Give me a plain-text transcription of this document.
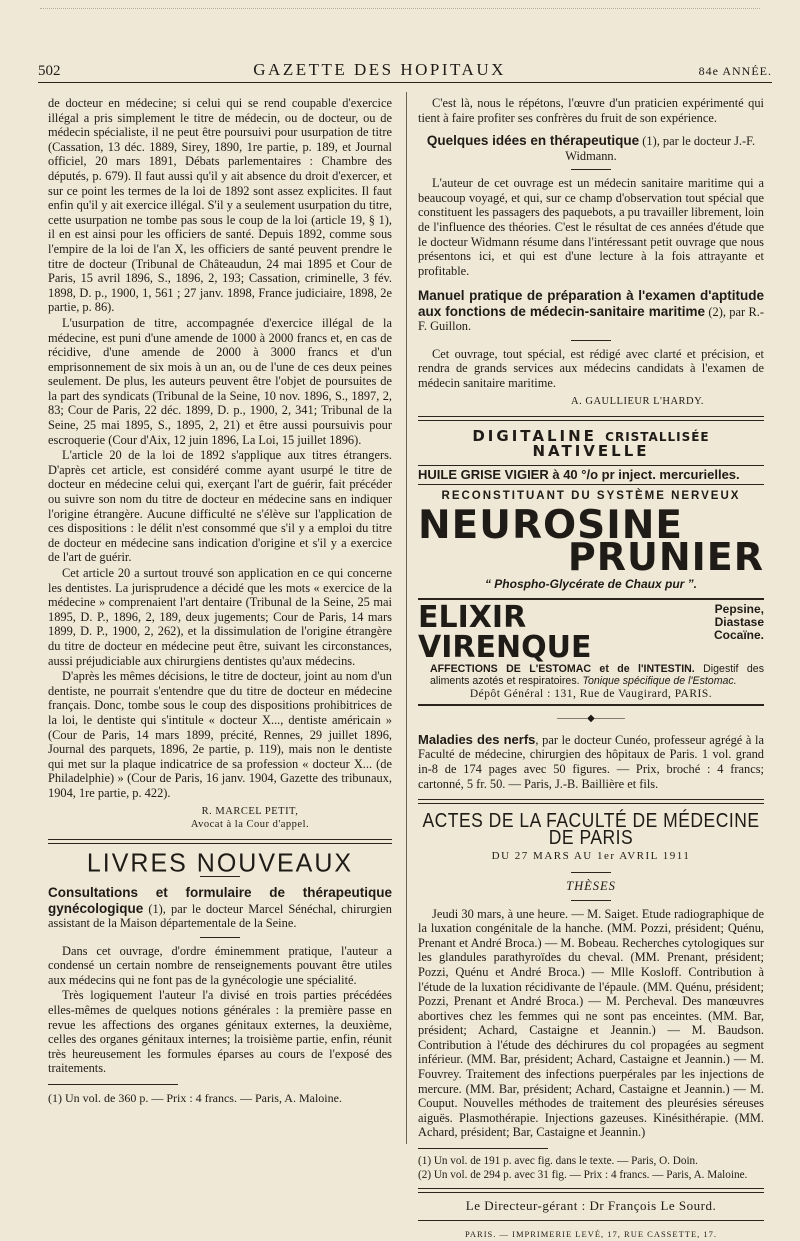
502	GAZETTE DES HOPITAUX	84e ANNÉE.

de docteur en médecine; si celui qui se rend coupable d'exercice illégal a pris simplement le titre de médecin, ou de docteur, ou de médecin spécialiste, il ne peut être poursuivi pour usurpation de titre (Cassation, 13 déc. 1889, Sirey, 1890, 1re partie, p. 189, et Journal officiel, 20 mars 1891, Débats parlementaires : Chambre des députés, p. 679). Il faut aussi qu'il y ait absence du droit d'exercer, et sur ce point les termes de la loi de 1892 sont assez explicites. Il faut enfin qu'il y ait exercice illégal. S'il y a seulement usurpation du titre, cette usurpation ne tombe pas sous le coup de la loi (article 19, § 1), il en est ainsi pour les officiers de santé. Depuis 1892, comme sous l'empire de la loi de l'an X, les officiers de santé peuvent prendre le titre de docteur (Tribunal de Châteaudun, 24 mai 1895 et Cour de Paris, 15 avril 1896, S., 1896, 2, 193; Cassation, criminelle, 3 fév. 1898, D. p., 1900, 1, 561 ; 27 janv. 1898, France judiciaire, 1898, 2e partie, p. 86).

L'usurpation de titre, accompagnée d'exercice illégal de la médecine, est puni d'une amende de 1000 à 2000 francs et, en cas de récidive, d'une amende de 2000 à 3000 francs et d'un emprisonnement de six mois à un an, ou de l'une de ces deux peines seulement. De plus, les auteurs peuvent être l'objet de poursuites de la part des syndicats (Tribunal de la Seine, 10 nov. 1896, S., 1897, 2, 83; Cour de Paris, 22 déc. 1899, D. p., 1900, 2, 341; Tribunal de la Seine, 25 mai 1895, S., 1895, 2, 21) et être aussi poursuivis pour escroquerie (Cour d'Aix, 12 juin 1896, La Loi, 15 juillet 1896).

L'article 20 de la loi de 1892 s'applique aux titres étrangers. D'après cet article, est considéré comme ayant usurpé le titre de docteur en médecine celui qui, exerçant l'art de guérir, fait précéder ou suivre son nom du titre de docteur en médecine sans en indiquer l'origine étrangère. Aucune difficulté ne s'élève sur l'application de ces dispositions : le délit n'est consommé que s'il y a emploi du titre de docteur en médecine sans indication d'origine et s'il y a exercice de l'art de guérir.

Cet article 20 a surtout trouvé son application en ce qui concerne les dentistes. La jurisprudence a décidé que les mots « exercice de la médecine » comprenaient l'art dentaire (Tribunal de la Seine, 25 mai 1895, D. P., 1896, 2, 189, deux jugements; Cour de Paris, 14 mars 1899, D. P., 1900, 2, 262), et la dissimulation de l'origine étrangère du titre de docteur en médecine peut être, suivant les circonstances, aussi préjudiciable aux chirurgiens dentistes qu'aux médecins.

D'après les mêmes décisions, le titre de docteur, joint au nom d'un dentiste, ne pourrait s'entendre que du titre de docteur en médecine français. Donc, tombe sous le coup des dispositions prohibitrices de la loi, le dentiste qui s'intitule « docteur X..., dentiste américain » (Cour de Paris, 14 mars 1899, précité, Rennes, 29 juillet 1896, Journal des parquets, 1896, 2e partie, p. 119), mais non le dentiste qui met sur la plaque indicatrice de sa profession « docteur X... (de Philadelphie) » (Cour de Paris, 16 janv. 1904, Gazette des tribunaux, 1904, 1re partie, p. 422).

R. MARCEL PETIT,
Avocat à la Cour d'appel.
LIVRES NOUVEAUX

Consultations et formulaire de thérapeutique gynécologique (1), par le docteur Marcel Sénéchal, chirurgien assistant de la Maison départementale de la Seine.

Dans cet ouvrage, d'ordre éminemment pratique, l'auteur a condensé un certain nombre de renseignements pouvant être utiles aux médecins qui ne font pas de la gynécologie une spécialité.

Très logiquement l'auteur l'a divisé en trois parties précédées elles-mêmes de quelques notions générales : la première passe en revue les affections des organes génitaux externes, la deuxième, celles des organes génitaux internes; la troisième partie, enfin, réunit très heureusement les formules éparses au cours de l'exposé des traitements.

(1) Un vol. de 360 p. — Prix : 4 francs. — Paris, A. Maloine.

C'est là, nous le répétons, l'œuvre d'un praticien expérimenté qui tient à faire profiter ses confrères du fruit de son expérience.

Quelques idées en thérapeutique (1), par le docteur J.-F. Widmann.

L'auteur de cet ouvrage est un médecin sanitaire maritime qui a beaucoup voyagé, et qui, sur ce champ d'observation tout spécial que constituent les passagers des paquebots, a pu travailler librement, loin de l'influence des théories. C'est le résultat de ces années d'étude que le docteur Widmann résume dans l'intéressant petit ouvrage que nous présentons ici, et qui est d'une lecture à la fois attrayante et profitable.

Manuel pratique de préparation à l'examen d'aptitude aux fonctions de médecin-sanitaire maritime (2), par R.-F. Guillon.

Cet ouvrage, tout spécial, est rédigé avec clarté et précision, et rendra de grands services aux médecins candidats à l'examen de médecin sanitaire maritime.

A. GAULLIEUR L'HARDY.
DIGITALINE CRISTALLISÉE NATIVELLE
HUILE GRISE VIGIER à 40 °/o pr inject. mercurielles.
RECONSTITUANT DU SYSTÈME NERVEUX
NEUROSINE
PRUNIER
“ Phospho-Glycérate de Chaux pur ”.
ELIXIR VIRENQUE
Pepsine, Diastase
Cocaïne.
AFFECTIONS DE L'ESTOMAC et de l'INTESTIN. Digestif des aliments azotés et respiratoires. Tonique spécifique de l'Estomac.
Dépôt Général : 131, Rue de Vaugirard, PARIS.
———◆———

Maladies des nerfs, par le docteur Cunéo, professeur agrégé à la Faculté de médecine, chirurgien des hôpitaux de Paris. 1 vol. grand in-8 de 174 pages avec 50 figures. — Prix, broché : 4 francs; cartonné, 5 fr. 50. — Paris, J.-B. Baillière et fils.

ACTES DE LA FACULTÉ DE MÉDECINE DE PARIS
DU 27 MARS AU 1er AVRIL 1911
THÈSES

Jeudi 30 mars, à une heure. — M. Saiget. Etude radiographique de la luxation congénitale de la hanche. (MM. Pozzi, président; Quénu, Prenant et André Broca.) — M. Bobeau. Recherches cytologiques sur les glandules parathyroïdes du cheval. (MM. Prenant, président; Pozzi, Quénu et André Broca.) — Mlle Kosloff. Contribution à l'étude de la luxation récidivante de l'épaule. (MM. Quénu, président; Pozzi, Prenant et André Broca.) — M. Percheval. Des manœuvres abortives chez les femmes qui ne sont pas enceintes. (MM. Bar, président; Achard, Castaigne et Jeannin.) — M. Baudson. Contribution à l'étude des déchirures du col propagées au segment inférieur. (MM. Bar, président; Achard, Castaigne et Jeannin.) — M. Fouvrey. Traitement des infections puerpérales par les injections de mercure. (MM. Bar, président; Achard, Castaigne et Jeannin.) — M. Couput. Nouvelles méthodes de traitement des pleurésies séreuses aiguës. Plasmothérapie. Injections gazeuses. Kinésithérapie. (MM. Achard, président; Bar, Castaigne et Jeannin.)

(1) Un vol. de 191 p. avec fig. dans le texte. — Paris, O. Doin.
(2) Un vol. de 294 p. avec 31 fig. — Prix : 4 francs. — Paris, A. Maloine.
Le Directeur-gérant : Dr François Le Sourd.
PARIS. — IMPRIMERIE LEVÉ, 17, RUE CASSETTE, 17.
